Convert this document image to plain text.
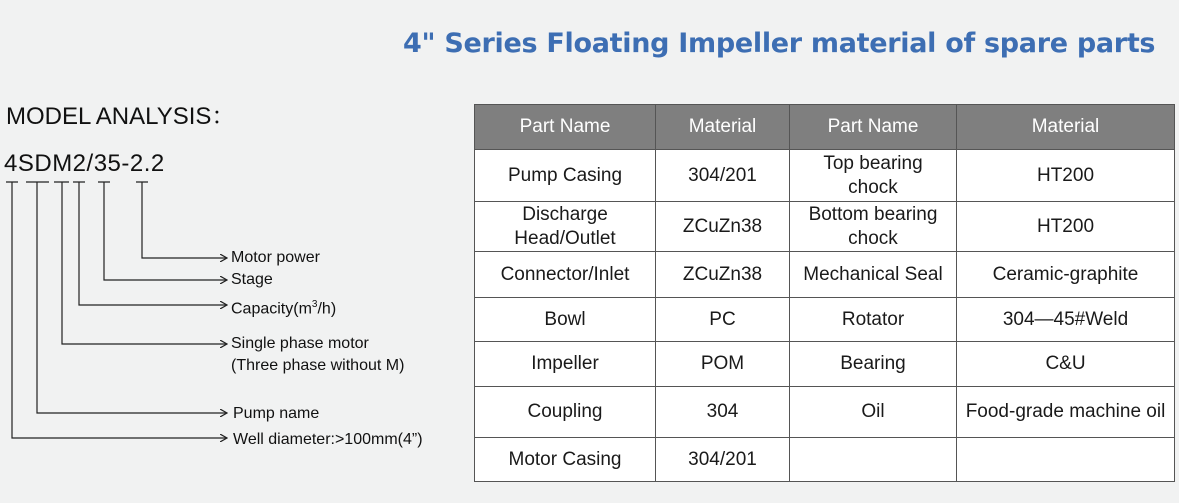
4" Series Floating Impeller material of spare parts
MODEL ANALYSIS：
4SDM2/35-2.2
Motor power
Stage
$Capacity(m^3/h)$
Single phase motor
(Three phase without M)
Pump name
Well diameter:>100mm(4”)
Part Name	Material	Part Name	Material
Pump Casing	304/201	Top bearing chock	HT200
Discharge Head/Outlet	ZCuZn38	Bottom bearing chock	HT200
Connector/Inlet	ZCuZn38	Mechanical Seal	Ceramic-graphite
Bowl	PC	Rotator	304—45#Weld
Impeller	POM	Bearing	C&U
Coupling	304	Oil	Food-grade machine oil
Motor Casing	304/201		
